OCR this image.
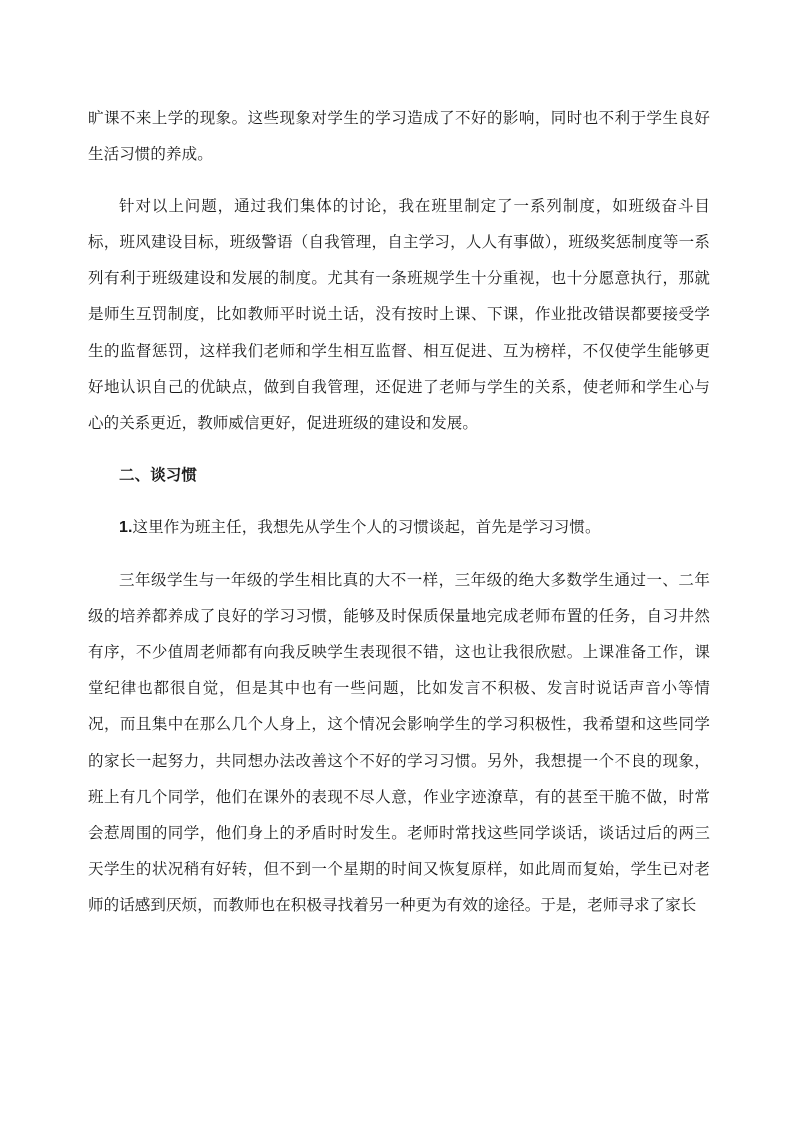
旷课不来上学的现象。这些现象对学生的学习造成了不好的影响，同时也不利于学生良好生活习惯的养成。

针对以上问题，通过我们集体的讨论，我在班里制定了一系列制度，如班级奋斗目标，班风建设目标，班级警语（自我管理，自主学习，人人有事做），班级奖惩制度等一系列有利于班级建设和发展的制度。尤其有一条班规学生十分重视，也十分愿意执行，那就是师生互罚制度，比如教师平时说土话，没有按时上课、下课，作业批改错误都要接受学生的监督惩罚，这样我们老师和学生相互监督、相互促进、互为榜样，不仅使学生能够更好地认识自己的优缺点，做到自我管理，还促进了老师与学生的关系，使老师和学生心与心的关系更近，教师威信更好，促进班级的建设和发展。

二、谈习惯

1.这里作为班主任，我想先从学生个人的习惯谈起，首先是学习习惯。

三年级学生与一年级的学生相比真的大不一样，三年级的绝大多数学生通过一、二年级的培养都养成了良好的学习习惯，能够及时保质保量地完成老师布置的任务，自习井然有序，不少值周老师都有向我反映学生表现很不错，这也让我很欣慰。上课准备工作，课堂纪律也都很自觉，但是其中也有一些问题，比如发言不积极、发言时说话声音小等情况，而且集中在那么几个人身上，这个情况会影响学生的学习积极性，我希望和这些同学的家长一起努力，共同想办法改善这个不好的学习习惯。另外，我想提一个不良的现象，班上有几个同学，他们在课外的表现不尽人意，作业字迹潦草，有的甚至干脆不做，时常会惹周围的同学，他们身上的矛盾时时发生。老师时常找这些同学谈话，谈话过后的两三天学生的状况稍有好转，但不到一个星期的时间又恢复原样，如此周而复始，学生已对老师的话感到厌烦，而教师也在积极寻找着另一种更为有效的途径。于是，老师寻求了家长
